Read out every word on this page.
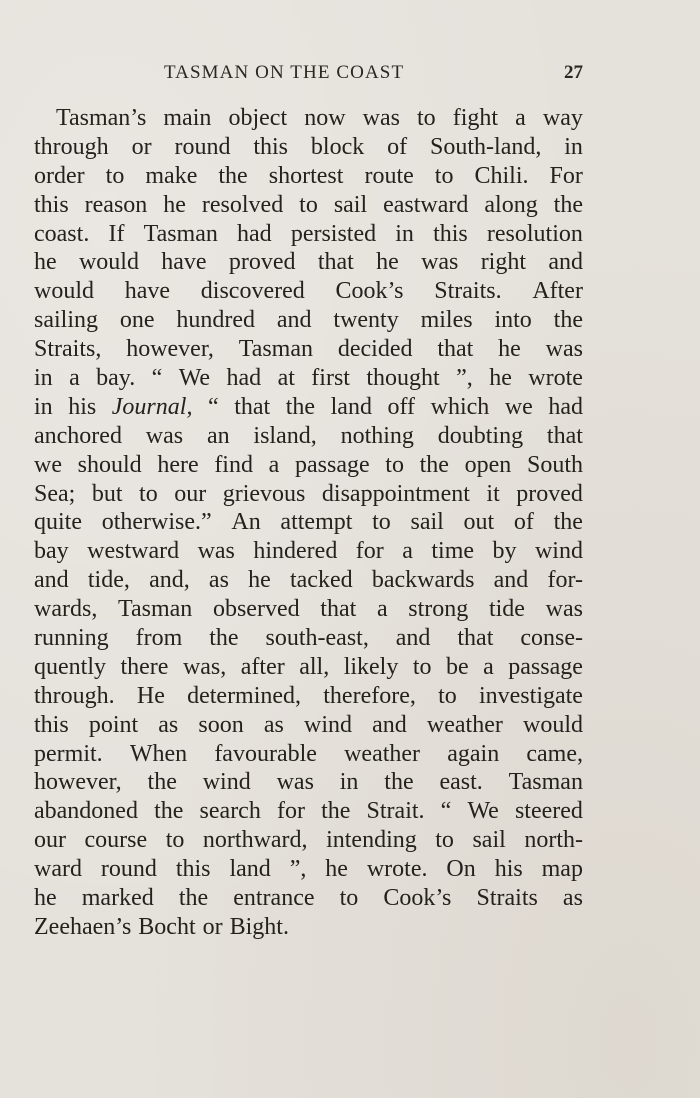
TASMAN ON THE COAST	27
Tasman’s main object now was to fight a way
through or round this block of South-land, in
order to make the shortest route to Chili. For
this reason he resolved to sail eastward along the
coast. If Tasman had persisted in this resolution
he would have proved that he was right and
would have discovered Cook’s Straits. After
sailing one hundred and twenty miles into the
Straits, however, Tasman decided that he was
in a bay. “ We had at first thought ”, he wrote
in his Journal, “ that the land off which we had
anchored was an island, nothing doubting that
we should here find a passage to the open South
Sea; but to our grievous disappointment it proved
quite otherwise.” An attempt to sail out of the
bay westward was hindered for a time by wind
and tide, and, as he tacked backwards and for-
wards, Tasman observed that a strong tide was
running from the south-east, and that conse-
quently there was, after all, likely to be a passage
through. He determined, therefore, to investigate
this point as soon as wind and weather would
permit. When favourable weather again came,
however, the wind was in the east. Tasman
abandoned the search for the Strait. “ We steered
our course to northward, intending to sail north-
ward round this land ”, he wrote. On his map
he marked the entrance to Cook’s Straits as
Zeehaen’s Bocht or Bight.
